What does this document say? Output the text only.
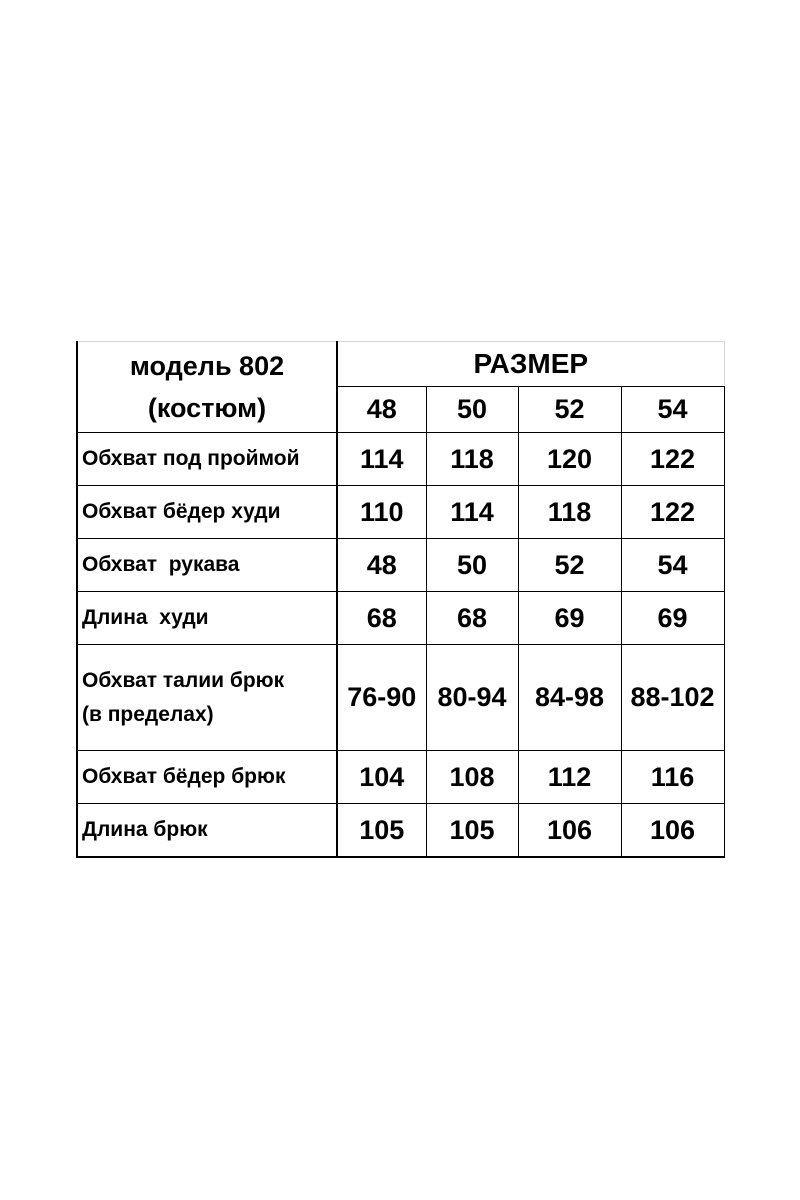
модель 802
(костюм)	РАЗМЕР			
	48	50	52	54
Обхват под проймой	114	118	120	122
Обхват бёдер худи	110	114	118	122
Обхват  рукава	48	50	52	54
Длина  худи	68	68	69	69

Обхват талии брюк
(в пределах)	76-90	80-94	84-98	88-102
Обхват бёдер брюк	104	108	112	116
Длина брюк	105	105	106	106
